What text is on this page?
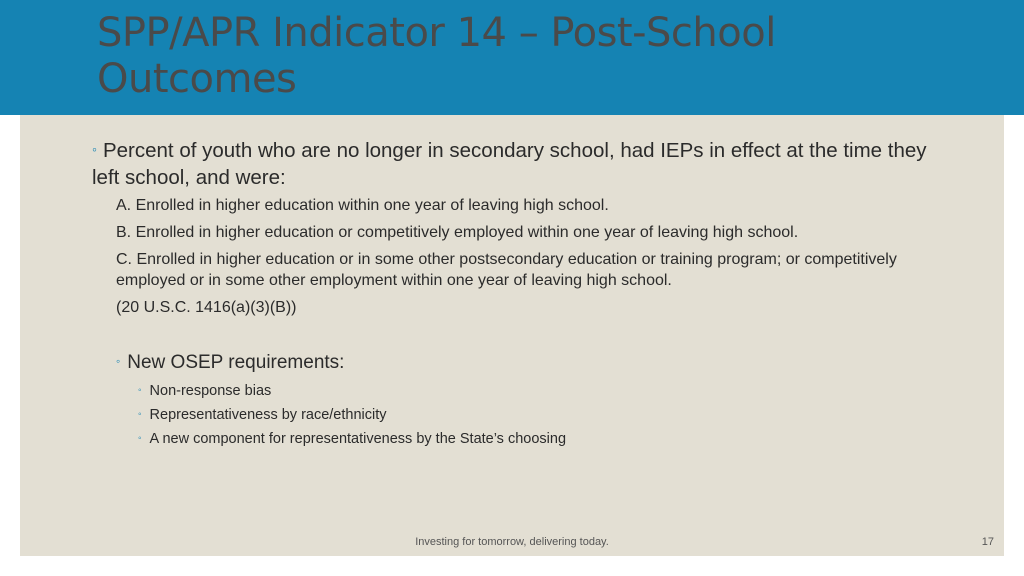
SPP/APR Indicator 14 – Post-School Outcomes
◦ Percent of youth who are no longer in secondary school, had IEPs in effect at the time they left school, and were:
A. Enrolled in higher education within one year of leaving high school.
B. Enrolled in higher education or competitively employed within one year of leaving high school.
C. Enrolled in higher education or in some other postsecondary education or training program; or competitively employed or in some other employment within one year of leaving high school.
(20 U.S.C. 1416(a)(3)(B))
◦ New OSEP requirements:
◦ Non-response bias
◦ Representativeness by race/ethnicity
◦ A new component for representativeness by the State’s choosing
Investing for tomorrow, delivering today.	17
